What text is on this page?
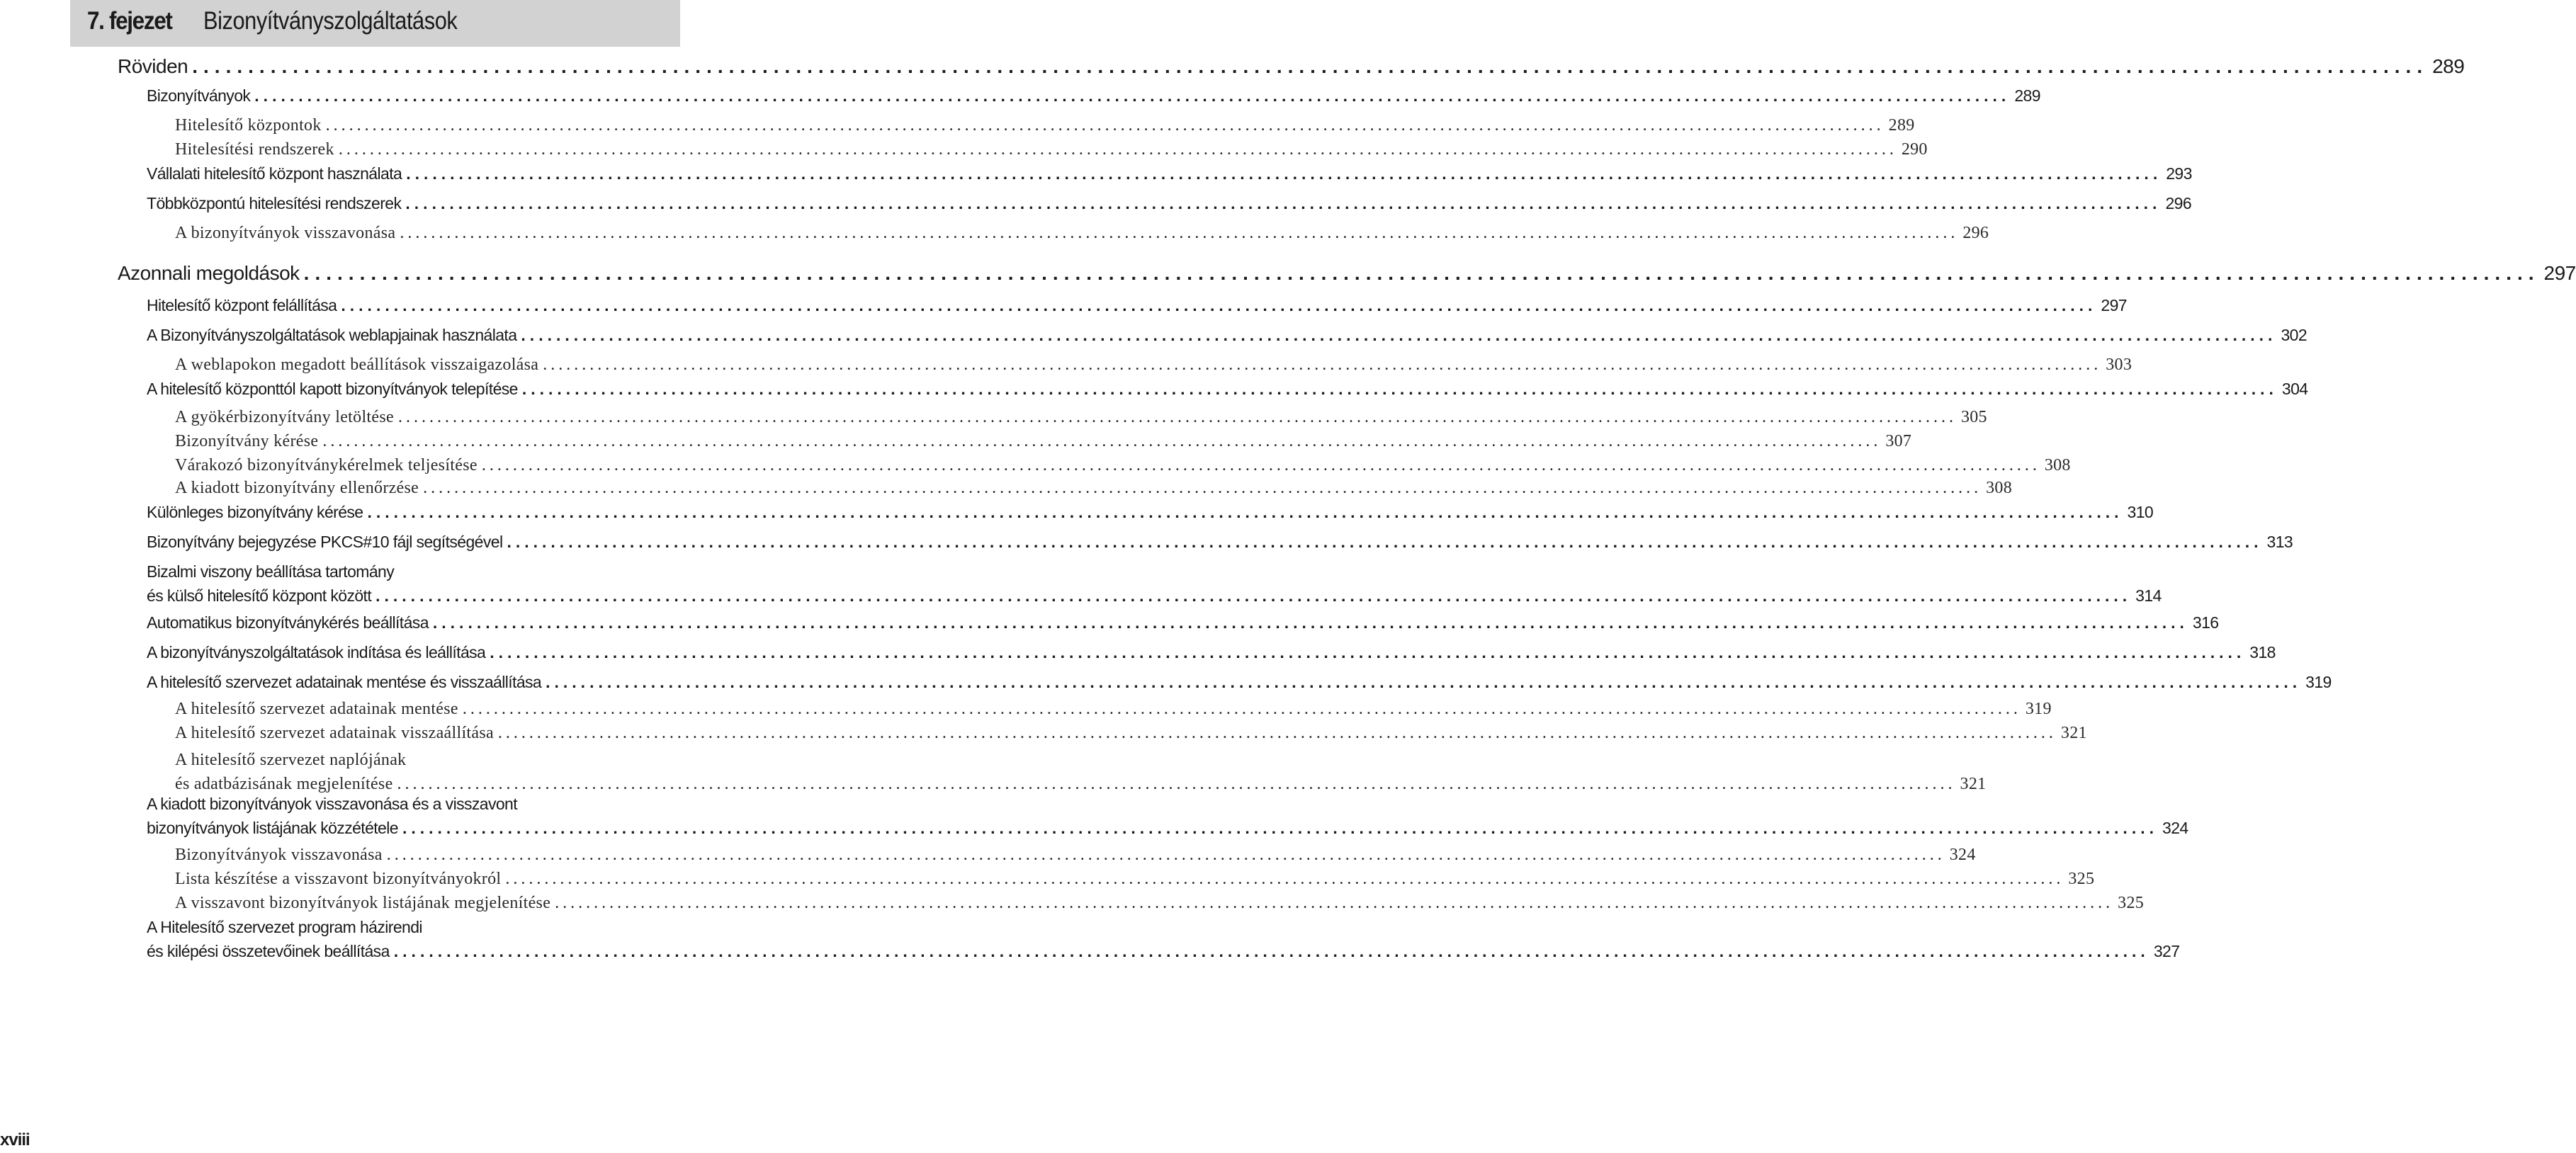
7. fejezet Bizonyítványszolgáltatások
Röviden ........................................................................................................................................................................................................ 289
Bizonyítványok ........................................................................................................................................................................................................ 289
Hitelesítő központok ........................................................................................................................................................................................................ 289
Hitelesítési rendszerek ........................................................................................................................................................................................................ 290
Vállalati hitelesítő központ használata ........................................................................................................................................................................................................ 293
Többközpontú hitelesítési rendszerek ........................................................................................................................................................................................................ 296
A bizonyítványok visszavonása ........................................................................................................................................................................................................ 296
Azonnali megoldások ........................................................................................................................................................................................................ 297
Hitelesítő központ felállítása ........................................................................................................................................................................................................ 297
A Bizonyítványszolgáltatások weblapjainak használata ........................................................................................................................................................................................................ 302
A weblapokon megadott beállítások visszaigazolása ........................................................................................................................................................................................................ 303
A hitelesítő központtól kapott bizonyítványok telepítése ........................................................................................................................................................................................................ 304
A gyökérbizonyítvány letöltése ........................................................................................................................................................................................................ 305
Bizonyítvány kérése ........................................................................................................................................................................................................ 307
Várakozó bizonyítványkérelmek teljesítése ........................................................................................................................................................................................................ 308
A kiadott bizonyítvány ellenőrzése ........................................................................................................................................................................................................ 308
Különleges bizonyítvány kérése ........................................................................................................................................................................................................ 310
Bizonyítvány bejegyzése PKCS#10 fájl segítségével ........................................................................................................................................................................................................ 313
Bizalmi viszony beállítása tartomány
és külső hitelesítő központ között ........................................................................................................................................................................................................ 314
Automatikus bizonyítványkérés beállítása ........................................................................................................................................................................................................ 316
A bizonyítványszolgáltatások indítása és leállítása ........................................................................................................................................................................................................ 318
A hitelesítő szervezet adatainak mentése és visszaállítása ........................................................................................................................................................................................................ 319
A hitelesítő szervezet adatainak mentése ........................................................................................................................................................................................................ 319
A hitelesítő szervezet adatainak visszaállítása ........................................................................................................................................................................................................ 321
A hitelesítő szervezet naplójának
és adatbázisának megjelenítése ........................................................................................................................................................................................................ 321
A kiadott bizonyítványok visszavonása és a visszavont
bizonyítványok listájának közzététele ........................................................................................................................................................................................................ 324
Bizonyítványok visszavonása ........................................................................................................................................................................................................ 324
Lista készítése a visszavont bizonyítványokról ........................................................................................................................................................................................................ 325
A visszavont bizonyítványok listájának megjelenítése ........................................................................................................................................................................................................ 325
A Hitelesítő szervezet program házirendi
és kilépési összetevőinek beállítása ........................................................................................................................................................................................................ 327
xviii
